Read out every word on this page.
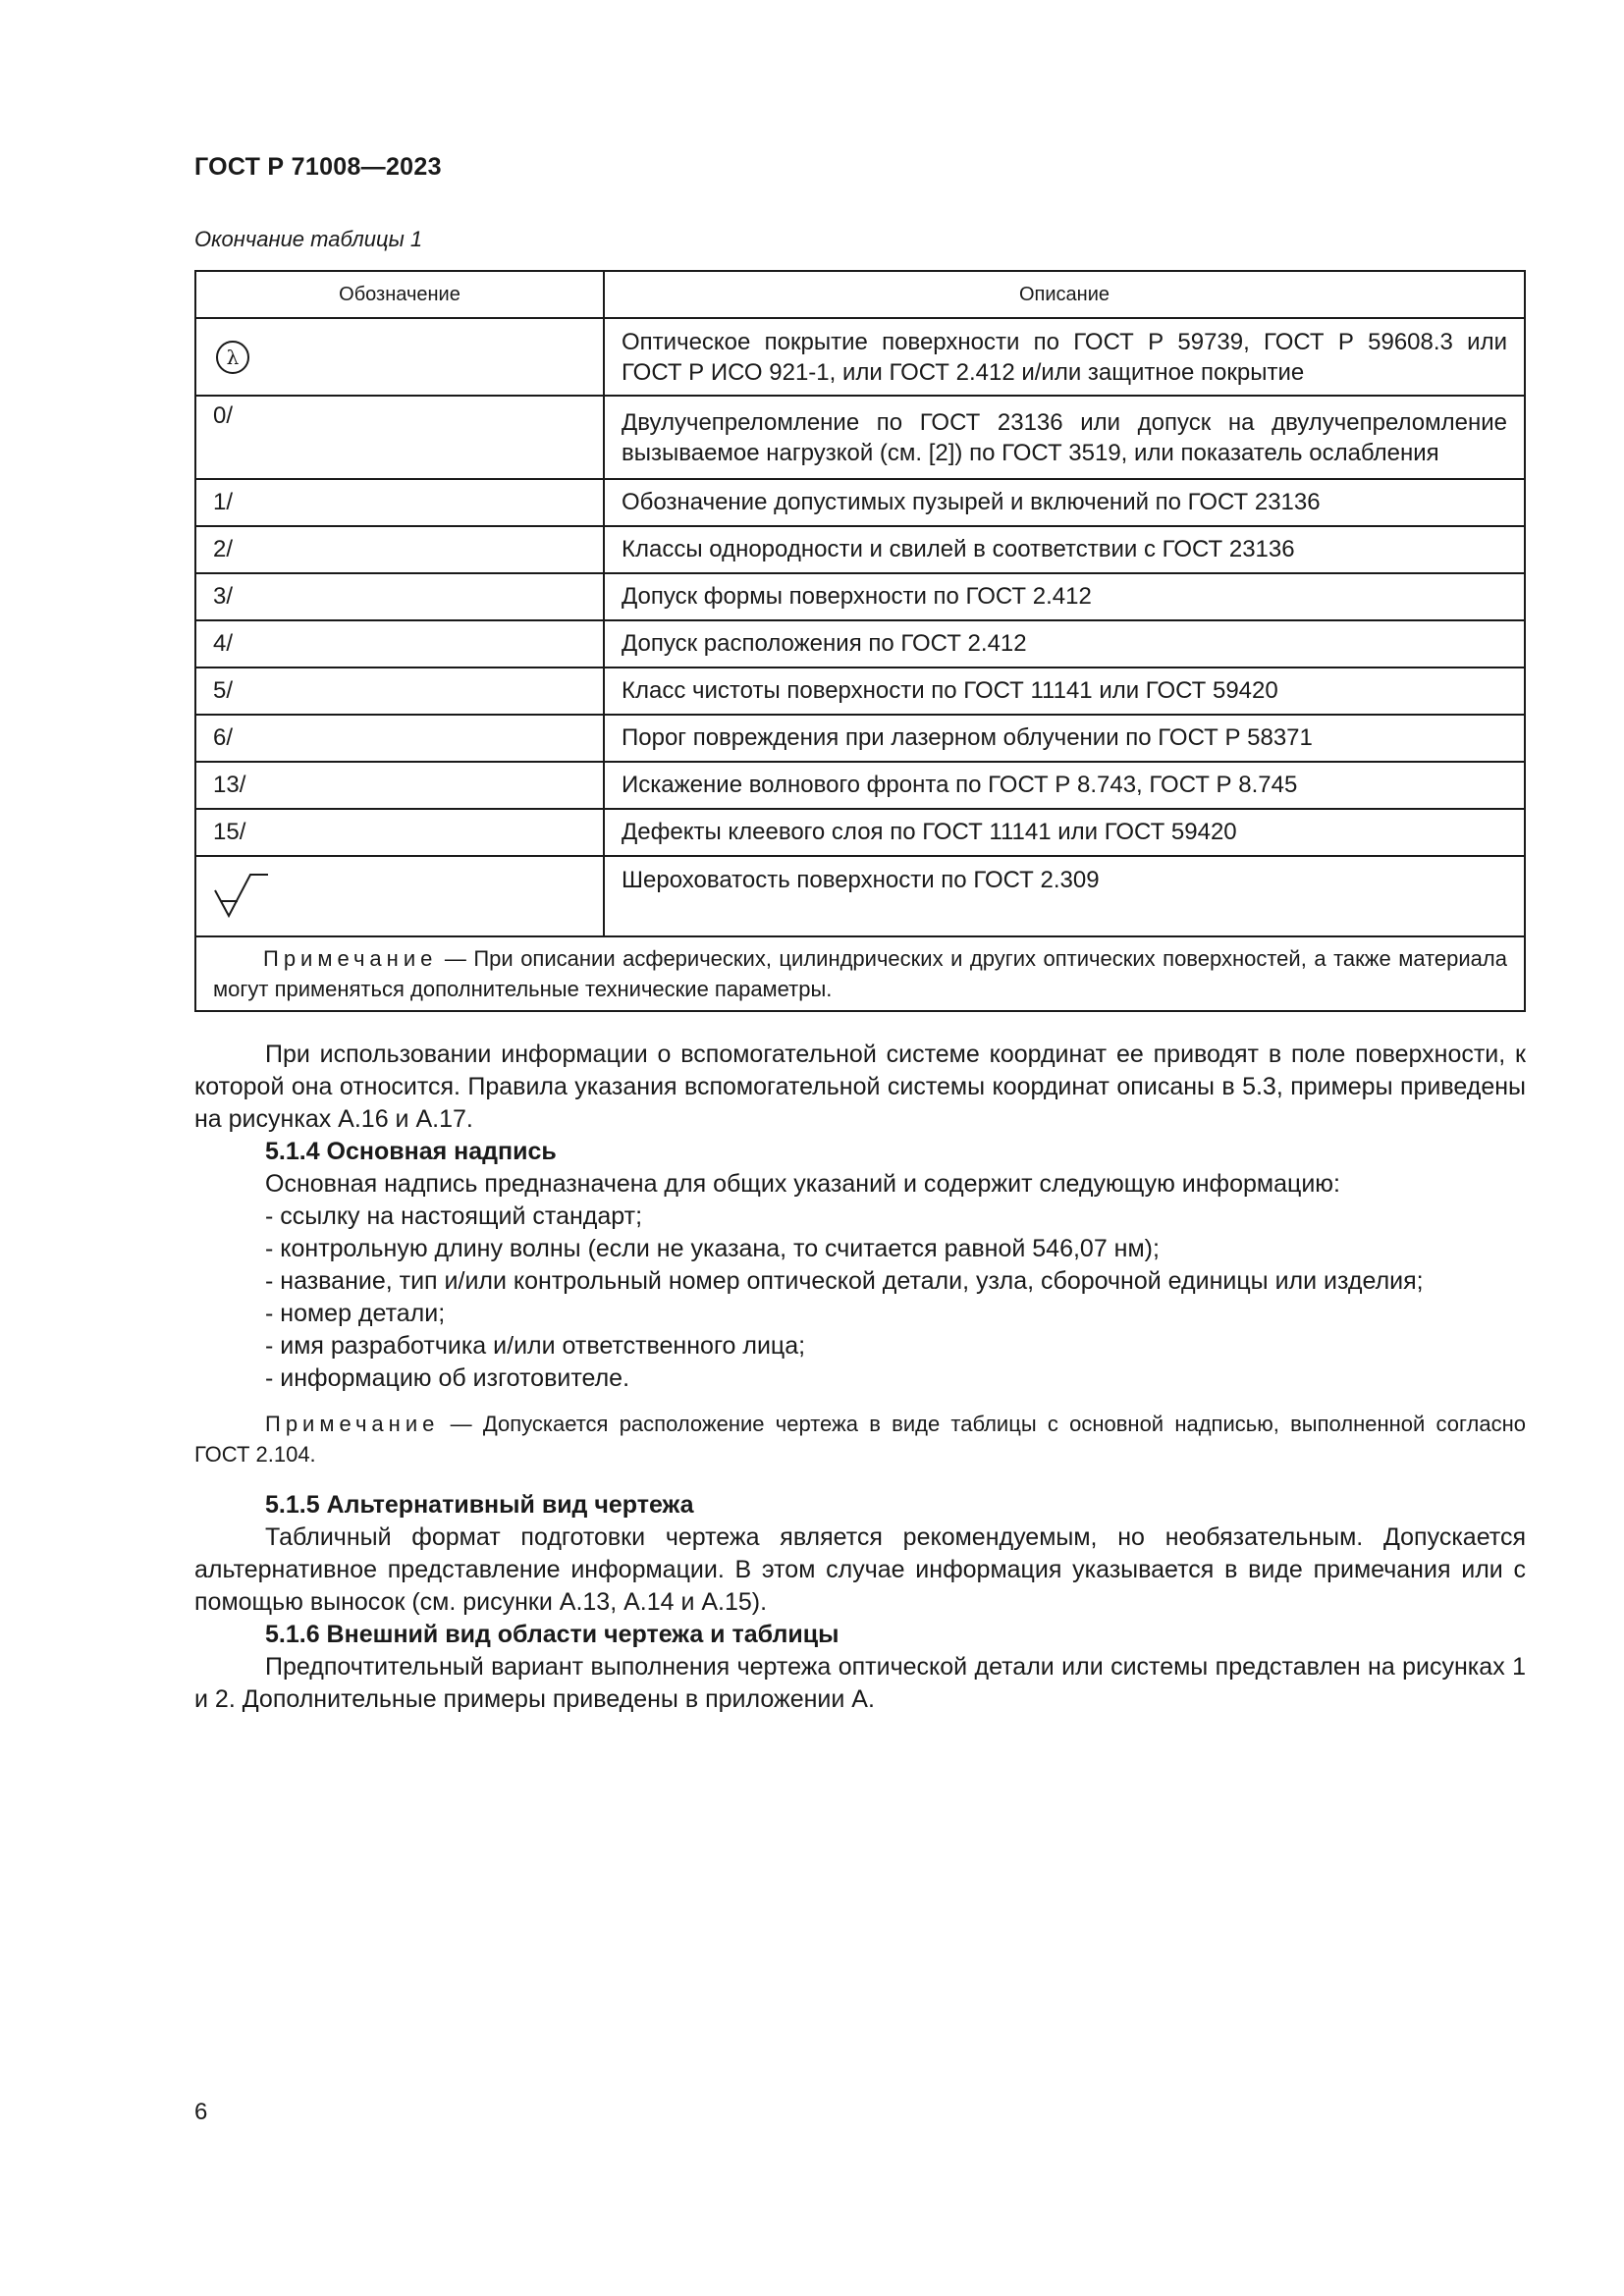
ГОСТ Р 71008—2023
Окончание таблицы 1
Обозначение	Описание

λ	Оптическое покрытие поверхности по ГОСТ Р 59739, ГОСТ Р 59608.3 или
ГОСТ Р ИСО 921-1, или ГОСТ 2.412 и/или защитное покрытие

0/	Двулучепреломление по ГОСТ 23136 или допуск на двулучепреломление
вызываемое нагрузкой (см. [2]) по ГОСТ 3519, или показатель ослабления

1/	Обозначение допустимых пузырей и включений по ГОСТ 23136
2/	Классы однородности и свилей в соответствии с ГОСТ 23136
3/	Допуск формы поверхности по ГОСТ 2.412
4/	Допуск расположения по ГОСТ 2.412
5/	Класс чистоты поверхности по ГОСТ 11141 или ГОСТ 59420
6/	Порог повреждения при лазерном облучении по ГОСТ Р 58371
13/	Искажение волнового фронта по ГОСТ Р 8.743, ГОСТ Р 8.745
15/	Дефекты клеевого слоя по ГОСТ 11141 или ГОСТ 59420

	Шероховатость поверхности по ГОСТ 2.309

Примечание — При описании асферических, цилиндрических и других оптических поверхностей, а также материала могут применяться дополнительные технические параметры.	

При использовании информации о вспомогательной системе координат ее приводят в поле поверхности, к которой она относится. Правила указания вспомогательной системы координат описаны в 5.3, примеры приведены на рисунках А.16 и А.17.

5.1.4 Основная надпись

Основная надпись предназначена для общих указаний и содержит следующую информацию:

- ссылку на настоящий стандарт;

- контрольную длину волны (если не указана, то считается равной 546,07 нм);

- название, тип и/или контрольный номер оптической детали, узла, сборочной единицы или изделия;

- номер детали;

- имя разработчика и/или ответственного лица;

- информацию об изготовителе.

Примечание — Допускается расположение чертежа в виде таблицы с основной надписью, выполненной согласно ГОСТ 2.104.

5.1.5 Альтернативный вид чертежа

Табличный формат подготовки чертежа является рекомендуемым, но необязательным. Допускается альтернативное представление информации. В этом случае информация указывается в виде примечания или с помощью выносок (см. рисунки А.13, А.14 и А.15).

5.1.6 Внешний вид области чертежа и таблицы

Предпочтительный вариант выполнения чертежа оптической детали или системы представлен на рисунках 1 и 2. Дополнительные примеры приведены в приложении А.

6
